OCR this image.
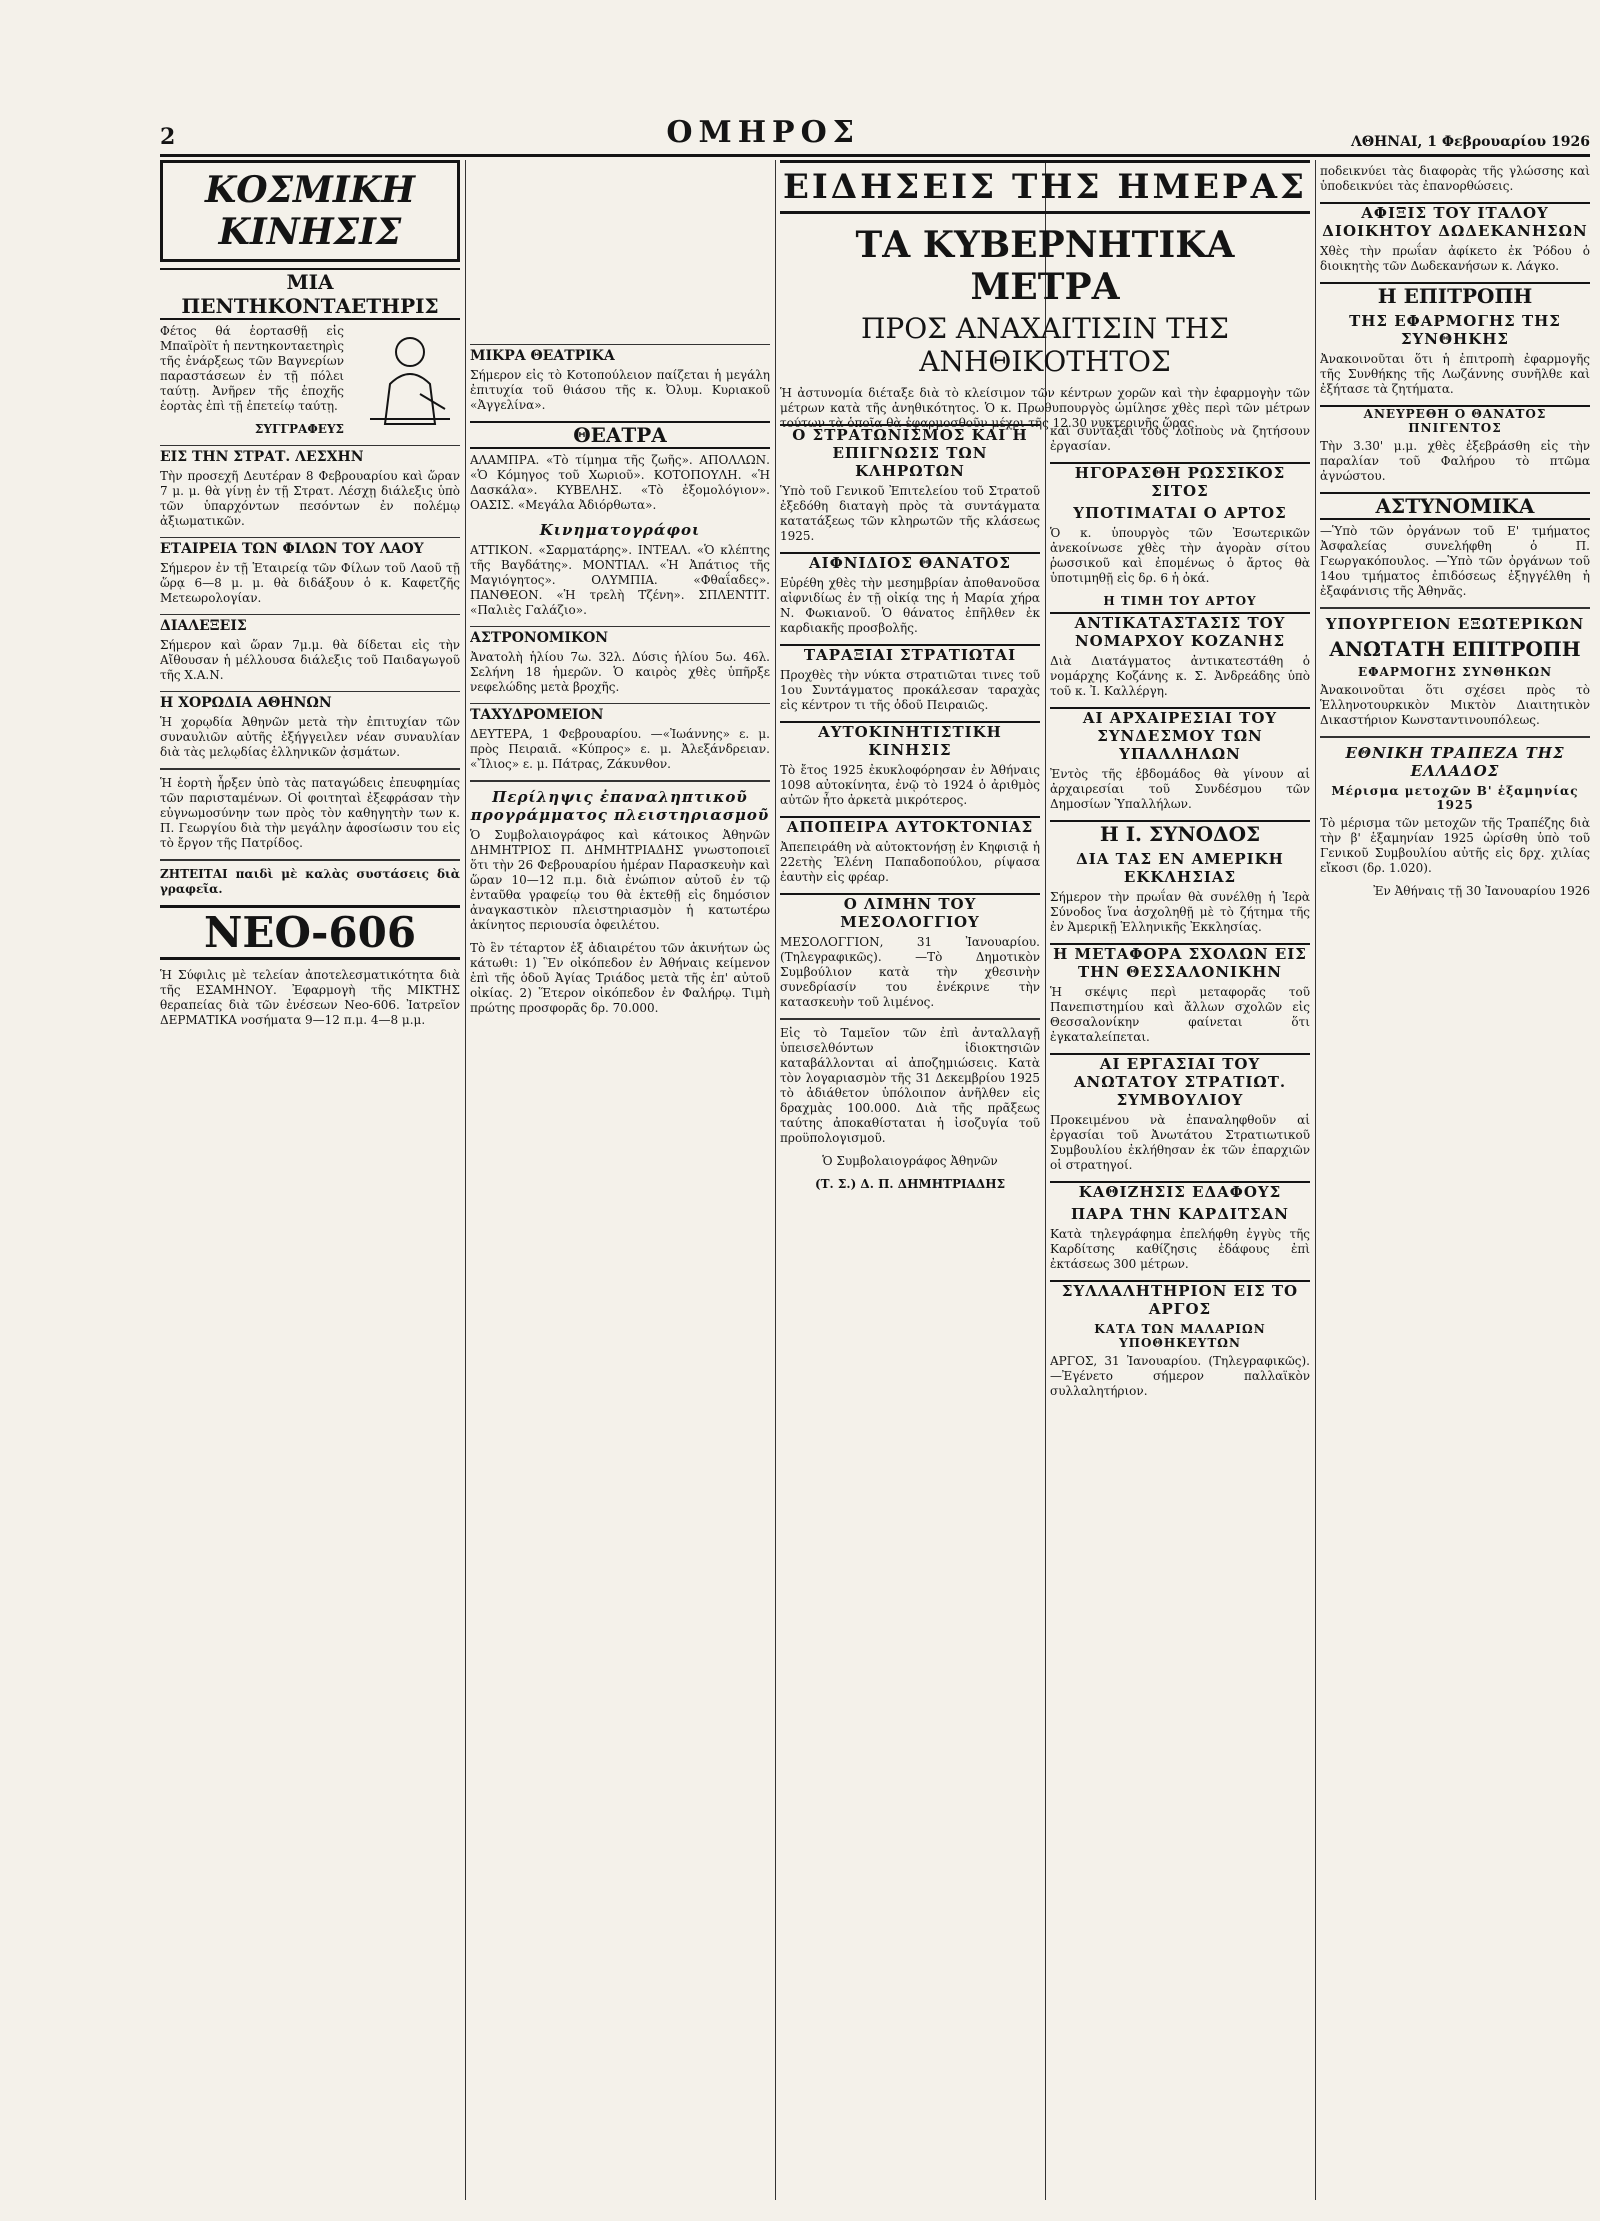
2	ΟΜΗΡΟΣ	ΛΘΗΝΑΙ, 1 Φεβρουαρίου 1926
ΚΟΣΜΙΚΗ ΚΙΝΗΣΙΣ
ΜΙΑ ΠΕΝΤΗΚΟΝΤΑΕΤΗΡΙΣ

Φέτος θά ἑορτασθῇ εἰς Μπαϊρὸϊτ ἡ πεντηκονταετηρὶς τῆς ἐνάρξεως τῶν Βαγνερίων παραστάσεων ἐν τῇ πόλει ταύτῃ. Ἀνῆρεν τῆς ἑποχῆς ἑορτὰς ἐπὶ τῇ ἐπετείῳ ταύτῃ.

ΣΥΓΓΡΑΦΕΥΣ

ΕΙΣ ΤΗΝ ΣΤΡΑΤ. ΛΕΣΧΗΝ

Τὴν προσεχῆ Δευτέραν 8 Φεβρουαρίου καὶ ὥραν 7 μ. μ. θὰ γίνῃ ἐν τῇ Στρατ. Λέσχῃ διάλεξις ὑπὸ τῶν ὑπαρχόντων πεσόντων ἐν πολέμῳ ἀξιωματικῶν.

ΕΤΑΙΡΕΙΑ ΤΩΝ ΦΙΛΩΝ ΤΟΥ ΛΑΟΥ

Σήμερον ἐν τῇ Ἑταιρείᾳ τῶν Φίλων τοῦ Λαοῦ τῇ ὥρᾳ 6—8 μ. μ. θὰ διδάξουν ὁ κ. Καφετζῆς Μετεωρολογίαν.

ΔΙΑΛΕΞΕΙΣ

Σήμερον καὶ ὥραν 7μ.μ. θὰ δίδεται εἰς τὴν Αἴθουσαν ἡ μέλλουσα διάλεξις τοῦ Παιδαγωγοῦ τῆς Χ.Α.Ν.

Η ΧΟΡΩΔΙΑ ΑΘΗΝΩΝ

Ἡ χορῳδία Ἀθηνῶν μετὰ τὴν ἐπιτυχίαν τῶν συναυλιῶν αὐτῆς ἐξήγγειλεν νέαν συναυλίαν διὰ τὰς μελῳδίας ἑλληνικῶν ᾀσμάτων.

Ἡ ἑορτὴ ἦρξεν ὑπὸ τὰς παταγώδεις ἐπευφημίας τῶν παρισταμένων. Οἱ φοιτηταὶ ἐξεφράσαν τὴν εὐγνωμοσύνην των πρὸς τὸν καθηγητὴν των κ. Π. Γεωργίου διὰ τὴν μεγάλην ἀφοσίωσιν του εἰς τὸ ἔργον τῆς Πατρίδος.

ΖΗΤΕΙΤΑΙ παιδὶ μὲ καλὰς συστάσεις διὰ γραφεῖα.

ΝΕΟ-606

Ἡ Σύφιλις μὲ τελείαν ἀποτελεσματικότητα διὰ τῆς ΕΣΑΜΗΝΟΥ. Ἐφαρμογὴ τῆς ΜΙΚΤΗΣ θεραπείας διὰ τῶν ἐνέσεων Neo-606. Ἰατρεῖον ΔΕΡΜΑΤΙΚΑ νοσήματα 9—12 π.μ. 4—8 μ.μ.

ΜΙΚΡΑ ΘΕΑΤΡΙΚΑ

Σήμερον εἰς τὸ Κοτοπούλειον παίζεται ἡ μεγάλη ἐπιτυχία τοῦ θιάσου τῆς κ. Ὀλυμ. Κυριακοῦ «Ἀγγελίνα».

ΘΕΑΤΡΑ

ΑΛΑΜΠΡΑ. «Τὸ τίμημα τῆς ζωῆς». ΑΠΟΛΛΩΝ. «Ὁ Κόμηγος τοῦ Χωριοῦ». ΚΟΤΟΠΟΥΛΗ. «Ἡ Δασκάλα». ΚΥΒΕΛΗΣ. «Τὸ ἐξομολόγιον». ΟΑΣΙΣ. «Μεγάλα Ἀδιόρθωτα».

Κινηματογράφοι

ΑΤΤΙΚΟΝ. «Σαρματάρης». ΙΝΤΕΑΛ. «Ὁ κλέπτης τῆς Βαγδάτης». ΜΟΝΤΙΑΛ. «Ἡ Ἀπάτιος τῆς Μαγιόγητος». ΟΛΥΜΠΙΑ. «Φθαΐαδες». ΠΑΝΘΕΟΝ. «Ἡ τρελὴ Τζένη». ΣΠΛΕΝΤΙΤ. «Παλιὲς Γαλάζιο».

ΑΣΤΡΟΝΟΜΙΚΟΝ

Ἀνατολὴ ἡλίου 7ω. 32λ. Δύσις ἡλίου 5ω. 46λ. Σελήνη 18 ἡμερῶν. Ὁ καιρὸς χθὲς ὑπῆρξε νεφελώδης μετὰ βροχῆς.

ΤΑΧΥΔΡΟΜΕΙΟΝ

ΔΕΥΤΕΡΑ, 1 Φεβρουαρίου. —«Ἰωάννης» ε. μ. πρὸς Πειραιᾶ. «Κύπρος» ε. μ. Ἀλεξάνδρειαν. «Ἴλιος» ε. μ. Πάτρας, Ζάκυνθον.

Περίληψις ἐπαναληπτικοῦ προγράμματος πλειστηριασμοῦ

Ὁ Συμβολαιογράφος καὶ κάτοικος Ἀθηνῶν ΔΗΜΗΤΡΙΟΣ Π. ΔΗΜΗΤΡΙΑΔΗΣ γνωστοποιεῖ ὅτι τὴν 26 Φεβρουαρίου ἡμέραν Παρασκευὴν καὶ ὥραν 10—12 π.μ. διὰ ἐνώπιον αὐτοῦ ἐν τῷ ἐνταῦθα γραφείῳ του θὰ ἐκτεθῇ εἰς δημόσιον ἀναγκαστικὸν πλειστηριασμὸν ἡ κατωτέρω ἀκίνητος περιουσία ὀφειλέτου.

Τὸ ἓν τέταρτον ἐξ ἀδιαιρέτου τῶν ἀκινήτων ὡς κάτωθι: 1) Ἓν οἰκόπεδον ἐν Ἀθήναις κείμενον ἐπὶ τῆς ὁδοῦ Ἀγίας Τριάδος μετὰ τῆς ἐπ' αὐτοῦ οἰκίας. 2) Ἕτερον οἰκόπεδον ἐν Φαλήρῳ. Τιμὴ πρώτης προσφορᾶς δρ. 70.000.

ΕΙΔΗΣΕΙΣ ΤΗΣ ΗΜΕΡΑΣ
ΤΑ ΚΥΒΕΡΝΗΤΙΚΑ ΜΕΤΡΑ
ΠΡΟΣ ΑΝΑΧΑΙΤΙΣΙΝ ΤΗΣ ΑΝΗΘΙΚΟΤΗΤΟΣ

Ἡ ἀστυνομία διέταξε διὰ τὸ κλείσιμον τῶν κέντρων χορῶν καὶ τὴν ἐφαρμογὴν τῶν μέτρων κατὰ τῆς ἀνηθικότητος. Ὁ κ. Πρωθυπουργὸς ὡμίλησε χθὲς περὶ τῶν μέτρων τούτων τὰ ὁποῖα θὰ ἐφαρμοσθοῦν μέχρι τῆς 12.30 νυκτερινῆς ὥρας.

Ο ΣΤΡΑΤΩΝΙΣΜΟΣ ΚΑΙ Η ΕΠΙΓΝΩΣΙΣ ΤΩΝ ΚΛΗΡΩΤΩΝ

Ὑπὸ τοῦ Γενικοῦ Ἐπιτελείου τοῦ Στρατοῦ ἐξεδόθη διαταγὴ πρὸς τὰ συντάγματα κατατάξεως τῶν κληρωτῶν τῆς κλάσεως 1925.

ΑΙΦΝΙΔΙΟΣ ΘΑΝΑΤΟΣ

Εὑρέθη χθὲς τὴν μεσημβρίαν ἀποθανοῦσα αἰφνιδίως ἐν τῇ οἰκίᾳ της ἡ Μαρία χήρα Ν. Φωκιανοῦ. Ὁ θάνατος ἐπῆλθεν ἐκ καρδιακῆς προσβολῆς.

ΤΑΡΑΞΙΑΙ ΣΤΡΑΤΙΩΤΑΙ

Προχθὲς τὴν νύκτα στρατιῶται τινες τοῦ 1ου Συντάγματος προκάλεσαν ταραχὰς εἰς κέντρον τι τῆς ὁδοῦ Πειραιῶς.

ΑΥΤΟΚΙΝΗΤΙΣΤΙΚΗ ΚΙΝΗΣΙΣ

Τὸ ἔτος 1925 ἐκυκλοφόρησαν ἐν Ἀθήναις 1098 αὐτοκίνητα, ἐνῷ τὸ 1924 ὁ ἀριθμὸς αὐτῶν ἦτο ἀρκετὰ μικρότερος.

ΑΠΟΠΕΙΡΑ ΑΥΤΟΚΤΟΝΙΑΣ

Ἀπεπειράθη νὰ αὐτοκτονήσῃ ἐν Κηφισιᾷ ἡ 22ετὴς Ἑλένη Παπαδοπούλου, ρίψασα ἑαυτὴν εἰς φρέαρ.

Ο ΛΙΜΗΝ ΤΟΥ ΜΕΣΟΛΟΓΓΙΟΥ

ΜΕΣΟΛΟΓΓΙΟΝ, 31 Ἰανουαρίου. (Τηλεγραφικῶς). —Τὸ Δημοτικὸν Συμβούλιον κατὰ τὴν χθεσινὴν συνεδρίασίν του ἐνέκρινε τὴν κατασκευὴν τοῦ λιμένος.

Εἰς τὸ Ταμεῖον τῶν ἐπὶ ἀνταλλαγῇ ὑπεισελθόντων ἰδιοκτησιῶν καταβάλλονται αἱ ἀποζημιώσεις. Κατὰ τὸν λογαριασμὸν τῆς 31 Δεκεμβρίου 1925 τὸ ἀδιάθετον ὑπόλοιπον ἀνῆλθεν εἰς δραχμὰς 100.000. Διὰ τῆς πρᾶξεως ταύτης ἀποκαθίσταται ἡ ἰσοζυγία τοῦ προϋπολογισμοῦ.

Ὁ Συμβολαιογράφος Ἀθηνῶν

(Τ. Σ.) Δ. Π. ΔΗΜΗΤΡΙΑΔΗΣ

καὶ συντάξαι τοὺς λοιποὺς νὰ ζητήσουν ἐργασίαν.

ΗΓΟΡΑΣΘΗ ΡΩΣΣΙΚΟΣ ΣΙΤΟΣ
ΥΠΟΤΙΜΑΤΑΙ Ο ΑΡΤΟΣ

Ὁ κ. ὑπουργὸς τῶν Ἐσωτερικῶν ἀνεκοίνωσε χθὲς τὴν ἀγορὰν σίτου ῥωσσικοῦ καὶ ἐπομένως ὁ ἄρτος θὰ ὑποτιμηθῇ εἰς δρ. 6 ἡ ὀκά.

Η ΤΙΜΗ ΤΟΥ ΑΡΤΟΥ
ΑΝΤΙΚΑΤΑΣΤΑΣΙΣ ΤΟΥ ΝΟΜΑΡΧΟΥ ΚΟΖΑΝΗΣ

Διὰ Διατάγματος ἀντικατεστάθη ὁ νομάρχης Κοζάνης κ. Σ. Ἀνδρεάδης ὑπὸ τοῦ κ. Ἰ. Καλλέργη.

ΑΙ ΑΡΧΑΙΡΕΣΙΑΙ ΤΟΥ ΣΥΝΔΕΣΜΟΥ ΤΩΝ ΥΠΑΛΛΗΛΩΝ

Ἐντὸς τῆς ἑβδομάδος θὰ γίνουν αἱ ἀρχαιρεσίαι τοῦ Συνδέσμου τῶν Δημοσίων Ὑπαλλήλων.

Η Ι. ΣΥΝΟΔΟΣ
ΔΙΑ ΤΑΣ ΕΝ ΑΜΕΡΙΚΗ ΕΚΚΛΗΣΙΑΣ

Σήμερον τὴν πρωΐαν θὰ συνέλθῃ ἡ Ἱερὰ Σύνοδος ἵνα ἀσχοληθῇ μὲ τὸ ζήτημα τῆς ἐν Ἀμερικῇ Ἑλληνικῆς Ἐκκλησίας.

Η ΜΕΤΑΦΟΡΑ ΣΧΟΛΩΝ ΕΙΣ ΤΗΝ ΘΕΣΣΑΛΟΝΙΚΗΝ

Ἡ σκέψις περὶ μεταφορᾶς τοῦ Πανεπιστημίου καὶ ἄλλων σχολῶν εἰς Θεσσαλονίκην φαίνεται ὅτι ἐγκαταλείπεται.

ΑΙ ΕΡΓΑΣΙΑΙ ΤΟΥ ΑΝΩΤΑΤΟΥ ΣΤΡΑΤΙΩΤ. ΣΥΜΒΟΥΛΙΟΥ

Προκειμένου νὰ ἐπαναληφθοῦν αἱ ἐργασίαι τοῦ Ἀνωτάτου Στρατιωτικοῦ Συμβουλίου ἐκλήθησαν ἐκ τῶν ἐπαρχιῶν οἱ στρατηγοί.

ΚΑΘΙΖΗΣΙΣ ΕΔΑΦΟΥΣ
ΠΑΡΑ ΤΗΝ ΚΑΡΔΙΤΣΑΝ

Κατὰ τηλεγράφημα ἐπελήφθη ἐγγὺς τῆς Καρδίτσης καθίζησις ἐδάφους ἐπὶ ἐκτάσεως 300 μέτρων.

ΣΥΛΛΑΛΗΤΗΡΙΟΝ ΕΙΣ ΤΟ ΑΡΓΟΣ
ΚΑΤΑ ΤΩΝ ΜΑΛΑΡΙΩΝ ΥΠΟΘΗΚΕΥΤΩΝ

ΑΡΓΟΣ, 31 Ἰανουαρίου. (Τηλεγραφικῶς). —Ἐγένετο σήμερον παλλαϊκὸν συλλαλητήριον.

ποδεικνύει τὰς διαφορὰς τῆς γλώσσης καὶ ὑποδεικνύει τὰς ἐπανορθώσεις.

ΑΦΙΞΙΣ ΤΟΥ ΙΤΑΛΟΥ ΔΙΟΙΚΗΤΟΥ ΔΩΔΕΚΑΝΗΣΩΝ

Χθὲς τὴν πρωΐαν ἀφίκετο ἐκ Ῥόδου ὁ διοικητὴς τῶν Δωδεκανήσων κ. Λάγκο.

Η ΕΠΙΤΡΟΠΗ
ΤΗΣ ΕΦΑΡΜΟΓΗΣ ΤΗΣ ΣΥΝΘΗΚΗΣ

Ἀνακοινοῦται ὅτι ἡ ἐπιτροπὴ ἐφαρμογῆς τῆς Συνθήκης τῆς Λωζάννης συνῆλθε καὶ ἐξήτασε τὰ ζητήματα.

ΑΝΕΥΡΕΘΗ Ο ΘΑΝΑΤΟΣ ΠΝΙΓΕΝΤΟΣ

Τὴν 3.30' μ.μ. χθὲς ἐξεβράσθη εἰς τὴν παραλίαν τοῦ Φαλήρου τὸ πτῶμα ἀγνώστου.

ΑΣΤΥΝΟΜΙΚΑ

—Ὑπὸ τῶν ὀργάνων τοῦ Ε' τμήματος Ἀσφαλείας συνελήφθη ὁ Π. Γεωργακόπουλος. —Ὑπὸ τῶν ὀργάνων τοῦ 14ου τμήματος ἐπιδόσεως ἐξηγγέλθη ἡ ἐξαφάνισις τῆς Ἀθηνᾶς.

ΥΠΟΥΡΓΕΙΟΝ ΕΞΩΤΕΡΙΚΩΝ
ΑΝΩΤΑΤΗ ΕΠΙΤΡΟΠΗ
ΕΦΑΡΜΟΓΗΣ ΣΥΝΘΗΚΩΝ

Ἀνακοινοῦται ὅτι σχέσει πρὸς τὸ Ἑλληνοτουρκικὸν Μικτὸν Διαιτητικὸν Δικαστήριον Κωνσταντινουπόλεως.

ΕΘΝΙΚΗ ΤΡΑΠΕΖΑ ΤΗΣ ΕΛΛΑΔΟΣ
Μέρισμα μετοχῶν Β' ἑξαμηνίας 1925

Τὸ μέρισμα τῶν μετοχῶν τῆς Τραπέζης διὰ τὴν β' ἑξαμηνίαν 1925 ὡρίσθη ὑπὸ τοῦ Γενικοῦ Συμβουλίου αὐτῆς εἰς δρχ. χιλίας εἴκοσι (δρ. 1.020).

Ἐν Ἀθήναις τῇ 30 Ἰανουαρίου 1926
